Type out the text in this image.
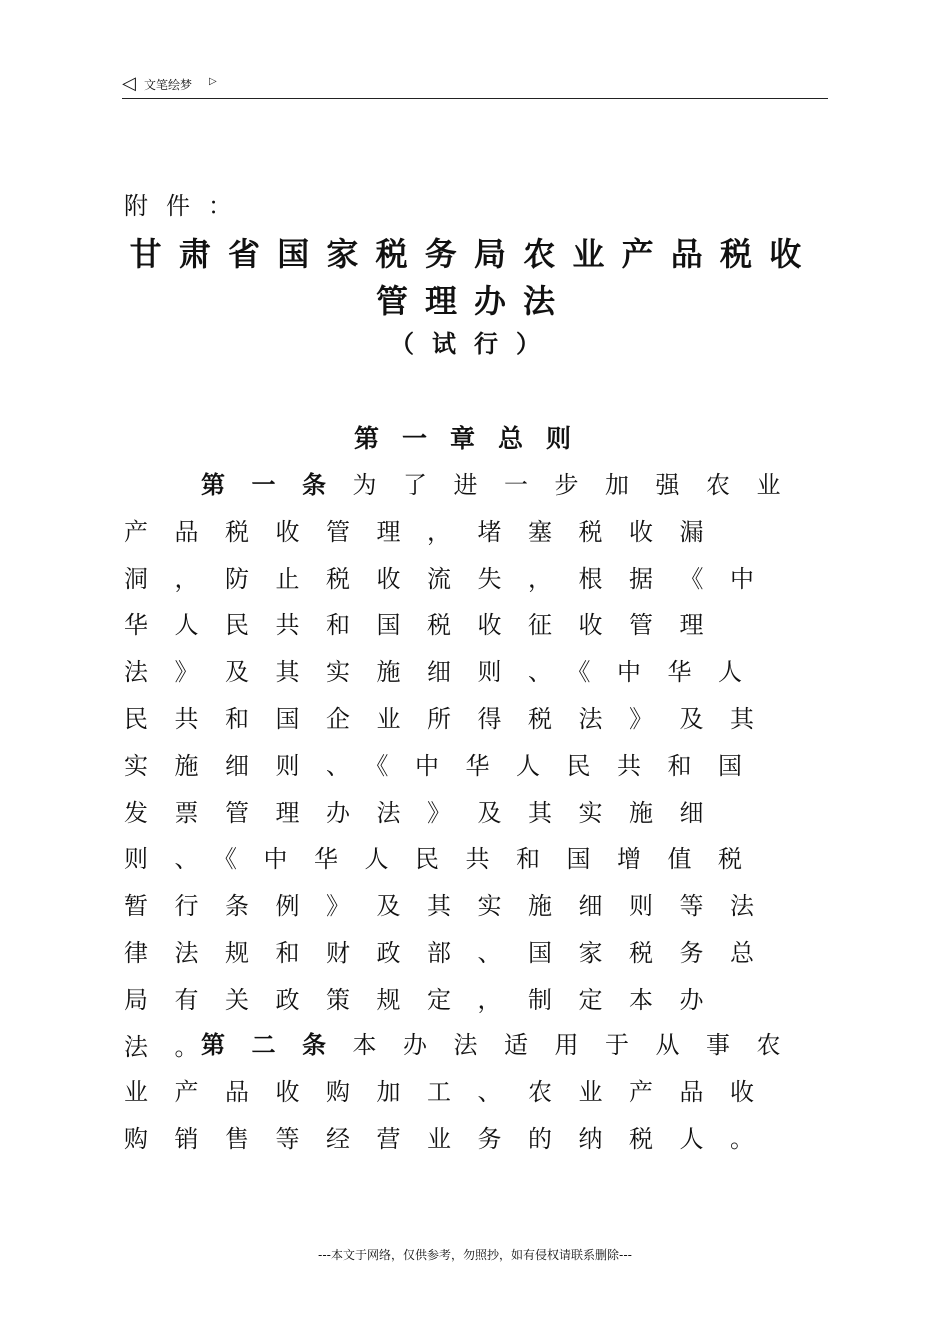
◁ 文笔绘梦 ▷
附件：
甘肃省国家税务局农业产品税收
管理办法
（试行）
第一章总则
第一条为了进一步加强农业产品税收管理，堵塞税收漏洞，防止税收流失，根据《中华人民共和国税收征收管理法》及其实施细则、《中华人民共和国企业所得税法》及其实施细则、《中华人民共和国发票管理办法》及其实施细则、《中华人民共和国增值税暂行条例》及其实施细则等法律法规和财政部、国家税务总局有关政策规定，制定本办法。
第二条本办法适用于从事农业产品收购加工、农业产品收购销售等经营业务的纳税人。
---本文于网络，仅供参考，勿照抄，如有侵权请联系删除---
